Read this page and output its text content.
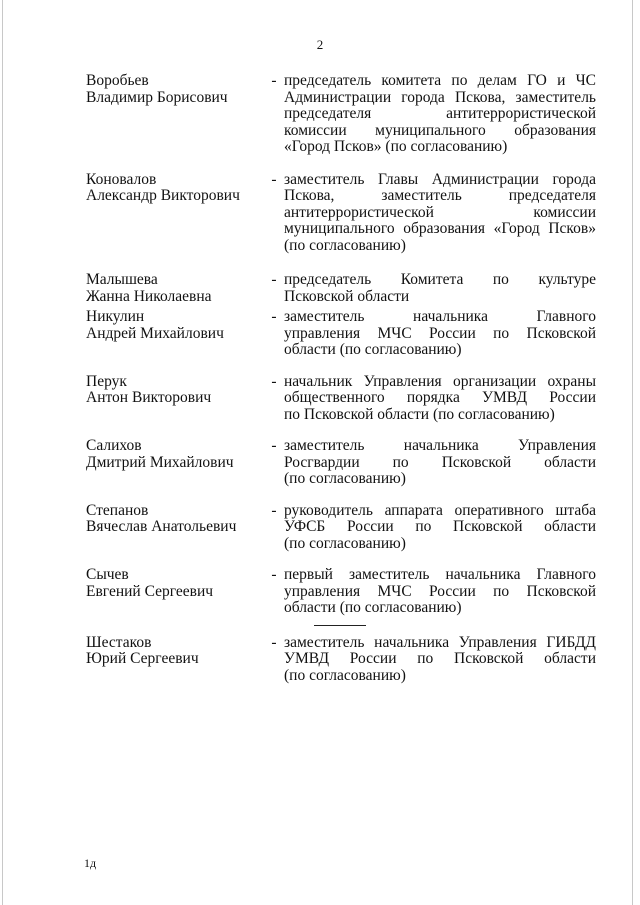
2
Воробьев
Владимир Борисович
- председатель комитета по делам ГО и ЧС
Администрации города Пскова, заместитель
председателя антитеррористической
комиссии муниципального образования
«Город Псков» (по согласованию)
Коновалов
Александр Викторович
- заместитель Главы Администрации города
Пскова, заместитель председателя
антитеррористической комиссии
муниципального образования «Город Псков»
(по согласованию)
Малышева
Жанна Николаевна
- председатель Комитета по культуре
Псковской области
Никулин
Андрей Михайлович
- заместитель начальника Главного
управления МЧС России по Псковской
области (по согласованию)
Перук
Антон Викторович
- начальник Управления организации охраны
общественного порядка УМВД России
по Псковской области (по согласованию)
Салихов
Дмитрий Михайлович
- заместитель начальника Управления
Росгвардии по Псковской области
(по согласованию)
Степанов
Вячеслав Анатольевич
- руководитель аппарата оперативного штаба
УФСБ России по Псковской области
(по согласованию)
Сычев
Евгений Сергеевич
- первый заместитель начальника Главного
управления МЧС России по Псковской
области (по согласованию)
Шестаков
Юрий Сергеевич
- заместитель начальника Управления ГИБДД
УМВД России по Псковской области
(по согласованию)
1д
